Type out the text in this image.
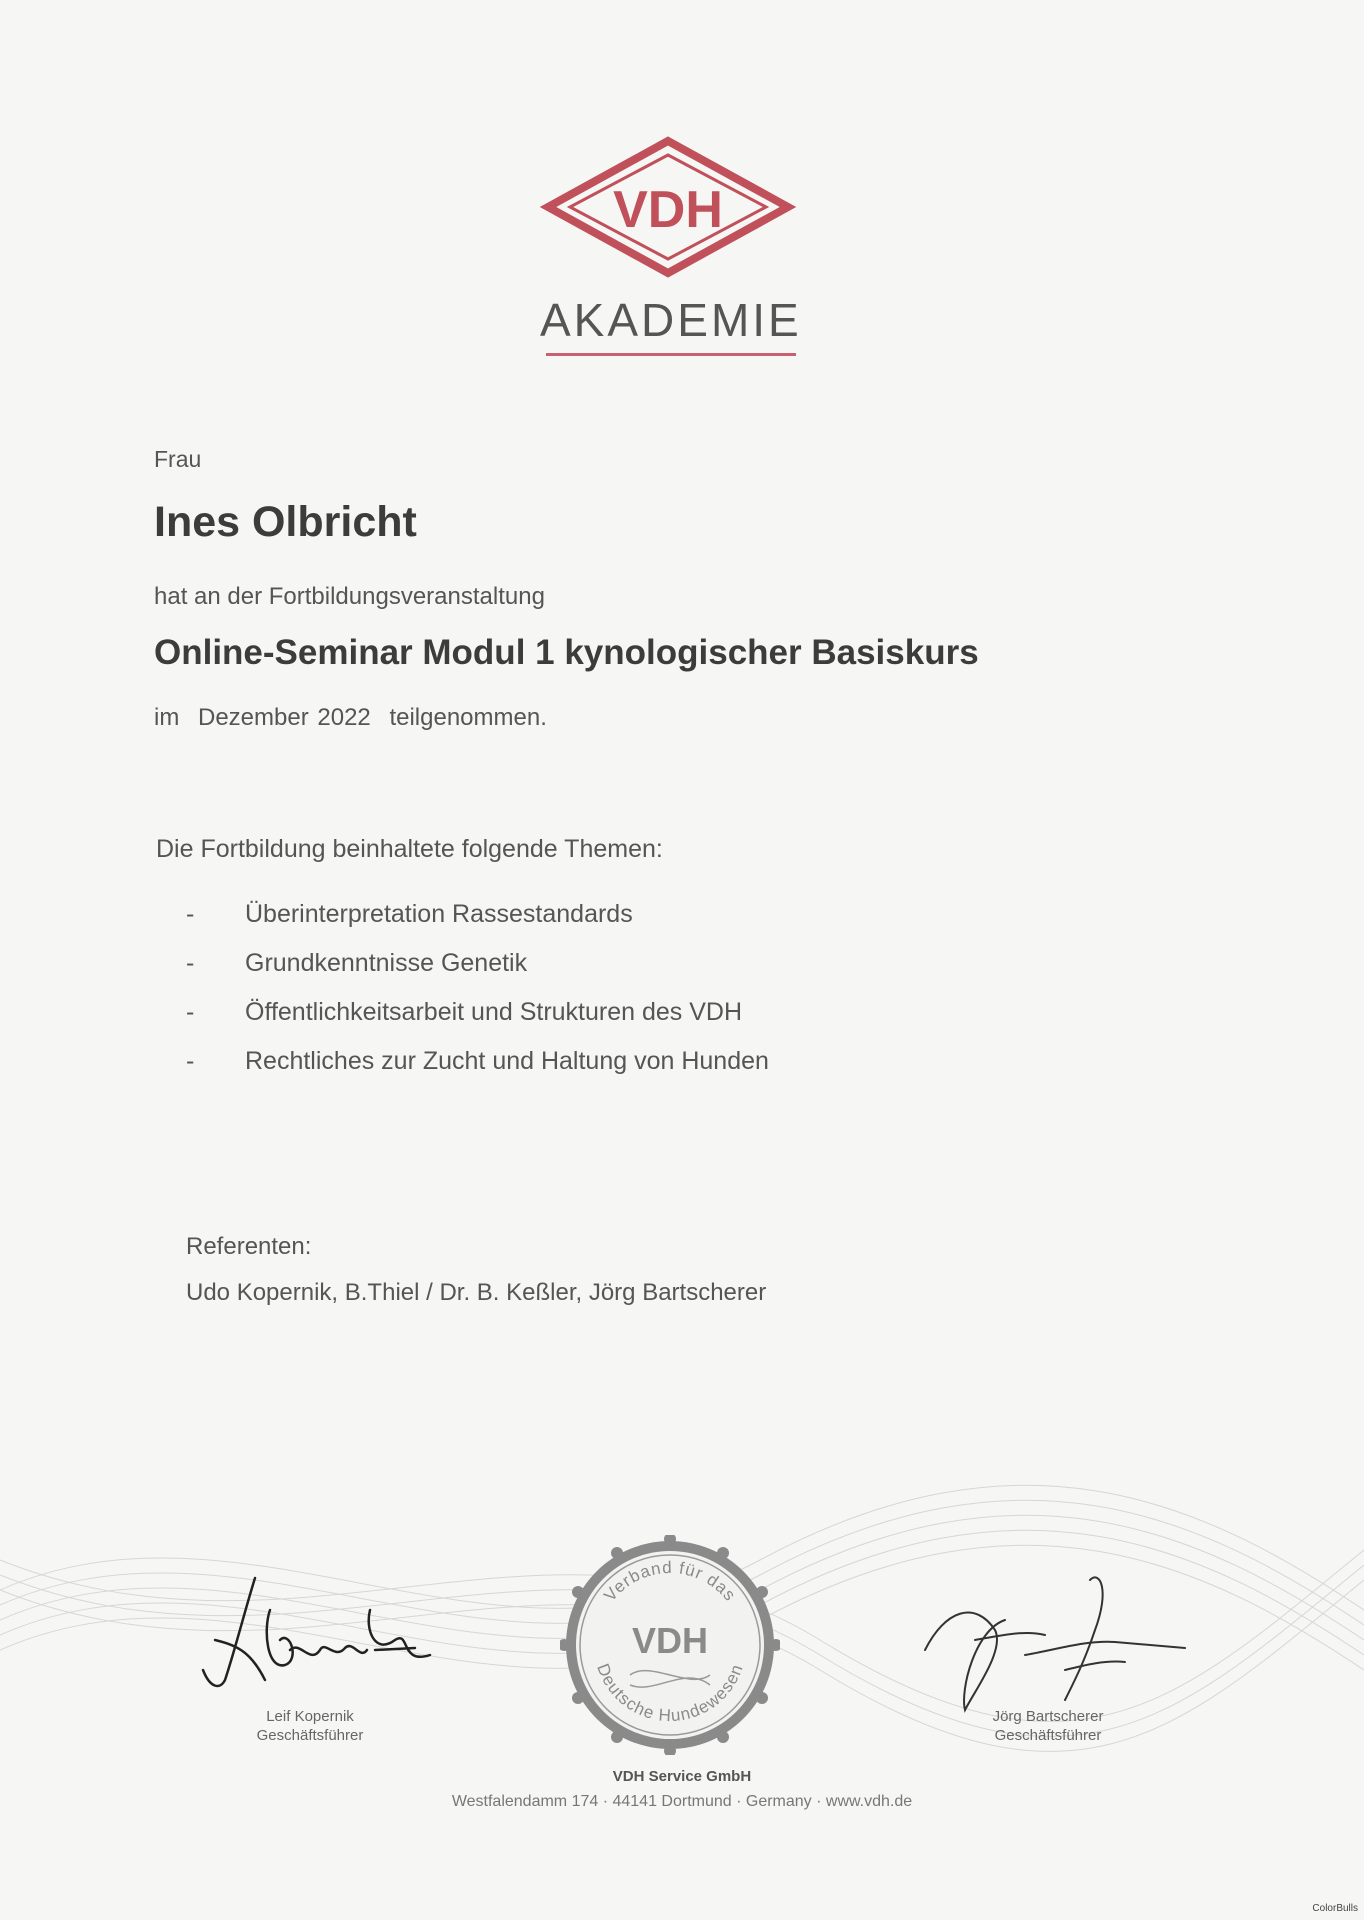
VDH
AKADEMIE
Frau
Ines Olbricht
hat an der Fortbildungsveranstaltung
Online-Seminar Modul 1 kynologischer Basiskurs
im Dezember 2022 teilgenommen.
Die Fortbildung beinhaltete folgende Themen:
- Überinterpretation Rassestandards
- Grundkenntnisse Genetik
- Öffentlichkeitsarbeit und Strukturen des VDH
- Rechtliches zur Zucht und Haltung von Hunden
Referenten:
Udo Kopernik, B.Thiel / Dr. B. Keßler, Jörg Bartscherer
Leif Kopernik
Geschäftsführer
Jörg Bartscherer
Geschäftsführer
Verband für das
Deutsche Hundewesen
VDH
VDH Service GmbH
Westfalendamm 174 · 44141 Dortmund · Germany · www.vdh.de
ColorBulls
